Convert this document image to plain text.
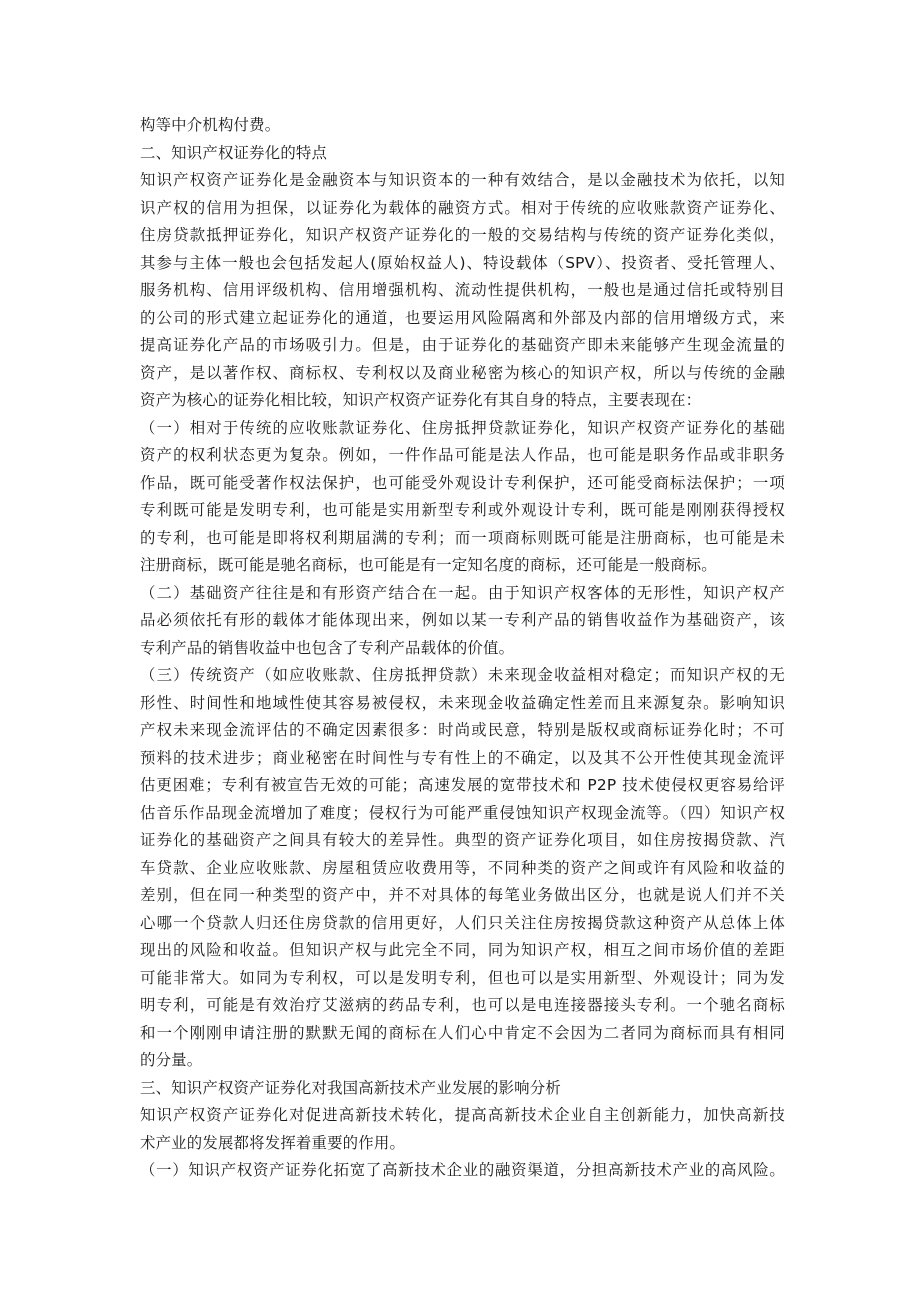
构等中介机构付费。
二、知识产权证券化的特点
知识产权资产证券化是金融资本与知识资本的一种有效结合，是以金融技术为依托，以知
识产权的信用为担保，以证券化为载体的融资方式。相对于传统的应收账款资产证券化、
住房贷款抵押证券化，知识产权资产证券化的一般的交易结构与传统的资产证券化类似，
其参与主体一般也会包括发起人(原始权益人)、特设载体（SPV）、投资者、受托管理人、
服务机构、信用评级机构、信用增强机构、流动性提供机构，一般也是通过信托或特别目
的公司的形式建立起证券化的通道，也要运用风险隔离和外部及内部的信用增级方式，来
提高证券化产品的市场吸引力。但是，由于证券化的基础资产即未来能够产生现金流量的
资产，是以著作权、商标权、专利权以及商业秘密为核心的知识产权，所以与传统的金融
资产为核心的证券化相比较，知识产权资产证券化有其自身的特点，主要表现在：
（一）相对于传统的应收账款证券化、住房抵押贷款证券化，知识产权资产证券化的基础
资产的权利状态更为复杂。例如，一件作品可能是法人作品，也可能是职务作品或非职务
作品，既可能受著作权法保护，也可能受外观设计专利保护，还可能受商标法保护；一项
专利既可能是发明专利，也可能是实用新型专利或外观设计专利，既可能是刚刚获得授权
的专利，也可能是即将权利期届满的专利；而一项商标则既可能是注册商标，也可能是未
注册商标，既可能是驰名商标，也可能是有一定知名度的商标，还可能是一般商标。
（二）基础资产往往是和有形资产结合在一起。由于知识产权客体的无形性，知识产权产
品必须依托有形的载体才能体现出来，例如以某一专利产品的销售收益作为基础资产，该
专利产品的销售收益中也包含了专利产品载体的价值。
（三）传统资产（如应收账款、住房抵押贷款）未来现金收益相对稳定；而知识产权的无
形性、时间性和地域性使其容易被侵权，未来现金收益确定性差而且来源复杂。影响知识
产权未来现金流评估的不确定因素很多：时尚或民意，特别是版权或商标证券化时；不可
预料的技术进步；商业秘密在时间性与专有性上的不确定，以及其不公开性使其现金流评
估更困难；专利有被宣告无效的可能；高速发展的宽带技术和 P2P 技术使侵权更容易给评
估音乐作品现金流增加了难度；侵权行为可能严重侵蚀知识产权现金流等。（四）知识产权
证券化的基础资产之间具有较大的差异性。典型的资产证券化项目，如住房按揭贷款、汽
车贷款、企业应收账款、房屋租赁应收费用等，不同种类的资产之间或许有风险和收益的
差别，但在同一种类型的资产中，并不对具体的每笔业务做出区分，也就是说人们并不关
心哪一个贷款人归还住房贷款的信用更好，人们只关注住房按揭贷款这种资产从总体上体
现出的风险和收益。但知识产权与此完全不同，同为知识产权，相互之间市场价值的差距
可能非常大。如同为专利权，可以是发明专利，但也可以是实用新型、外观设计；同为发
明专利，可能是有效治疗艾滋病的药品专利，也可以是电连接器接头专利。一个驰名商标
和一个刚刚申请注册的默默无闻的商标在人们心中肯定不会因为二者同为商标而具有相同
的分量。
三、知识产权资产证券化对我国高新技术产业发展的影响分析
知识产权资产证券化对促进高新技术转化，提高高新技术企业自主创新能力，加快高新技
术产业的发展都将发挥着重要的作用。
（一）知识产权资产证券化拓宽了高新技术企业的融资渠道，分担高新技术产业的高风险。
